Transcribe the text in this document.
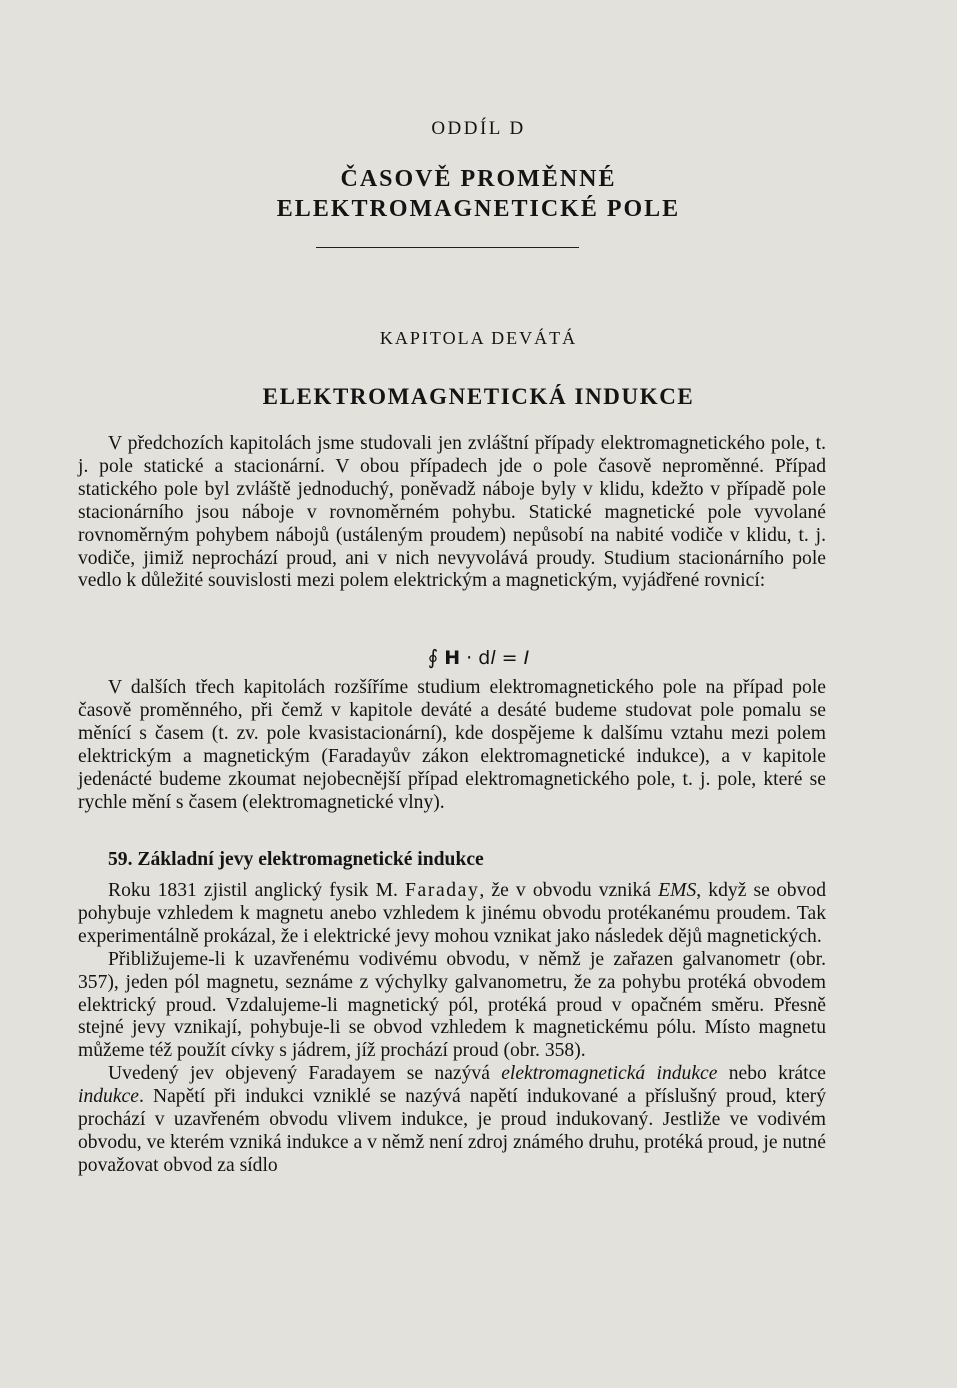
ODDÍL D
ČASOVĚ PROMĚNNÉ
ELEKTROMAGNETICKÉ POLE
KAPITOLA DEVÁTÁ
ELEKTROMAGNETICKÁ INDUKCE

V předchozích kapitolách jsme studovali jen zvláštní případy elektromagnetického pole, t. j. pole statické a stacionární. V obou případech jde o pole časově neproměnné. Případ statického pole byl zvláště jednoduchý, poněvadž náboje byly v klidu, kdežto v případě pole stacionárního jsou náboje v rovnoměrném pohybu. Statické magnetické pole vyvolané rovnoměrným pohybem nábojů (ustáleným proudem) nepůsobí na nabité vodiče v klidu, t. j. vodiče, jimiž neprochází proud, ani v nich nevyvolává proudy. Studium stacionárního pole vedlo k důležité souvislosti mezi polem elektrickým a magnetickým, vyjádřené rovnicí:

∮ H · dl = I

V dalších třech kapitolách rozšíříme studium elektromagnetického pole na případ pole časově proměnného, při čemž v kapitole deváté a desáté budeme studovat pole pomalu se měnící s časem (t. zv. pole kvasistacionární), kde dospějeme k dalšímu vztahu mezi polem elektrickým a magnetickým (Faradayův zákon elektromagnetické indukce), a v kapitole jedenácté budeme zkoumat nejobecnější případ elektromagnetického pole, t. j. pole, které se rychle mění s časem (elektromagnetické vlny).

59. Základní jevy elektromagnetické indukce

Roku 1831 zjistil anglický fysik M. Faraday, že v obvodu vzniká EMS, když se obvod pohybuje vzhledem k magnetu anebo vzhledem k jinému obvodu protékanému proudem. Tak experimentálně prokázal, že i elektrické jevy mohou vznikat jako následek dějů magnetických.

Přibližujeme-li k uzavřenému vodivému obvodu, v němž je zařazen galvanometr (obr. 357), jeden pól magnetu, seznáme z výchylky galvanometru, že za pohybu protéká obvodem elektrický proud. Vzdalujeme-li magnetický pól, protéká proud v opačném směru. Přesně stejné jevy vznikají, pohybuje-li se obvod vzhledem k magnetickému pólu. Místo magnetu můžeme též použít cívky s jádrem, jíž prochází proud (obr. 358).

Uvedený jev objevený Faradayem se nazývá elektromagnetická indukce nebo krátce indukce. Napětí při indukci vzniklé se nazývá napětí indukované a příslušný proud, který prochází v uzavřeném obvodu vlivem indukce, je proud indukovaný. Jestliže ve vodivém obvodu, ve kterém vzniká indukce a v němž není zdroj známého druhu, protéká proud, je nutné považovat obvod za sídlo
